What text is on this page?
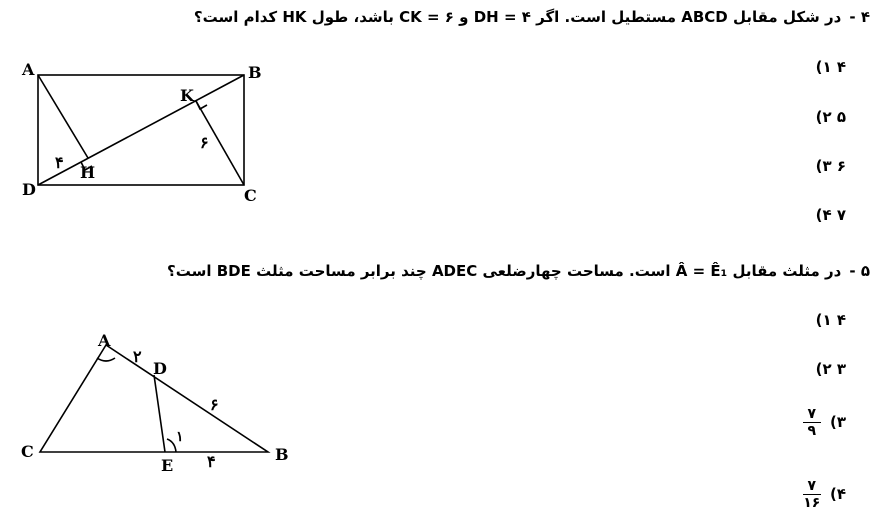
۴ -در شکل مقابل ABCD مستطیل است. اگر ۴ = DH و ۶ = CK باشد، طول HK کدام است؟
۴ ۱)
۵ ۲)
۶ ۳)
۷ ۴)
۵ -در مثلث مقابل Â = Ê₁ است. مساحت چهارضلعی ADEC چند برابر مساحت مثلث BDE است؟
۴ ۱)
۳ ۲)
۳)
$\frac{۷}{۹}$
۴)
$\frac{۷}{۱۶}$
A	B
C
D
H
K
۴
۶
A
B
C
D
E
۲
۶
۴
۱
